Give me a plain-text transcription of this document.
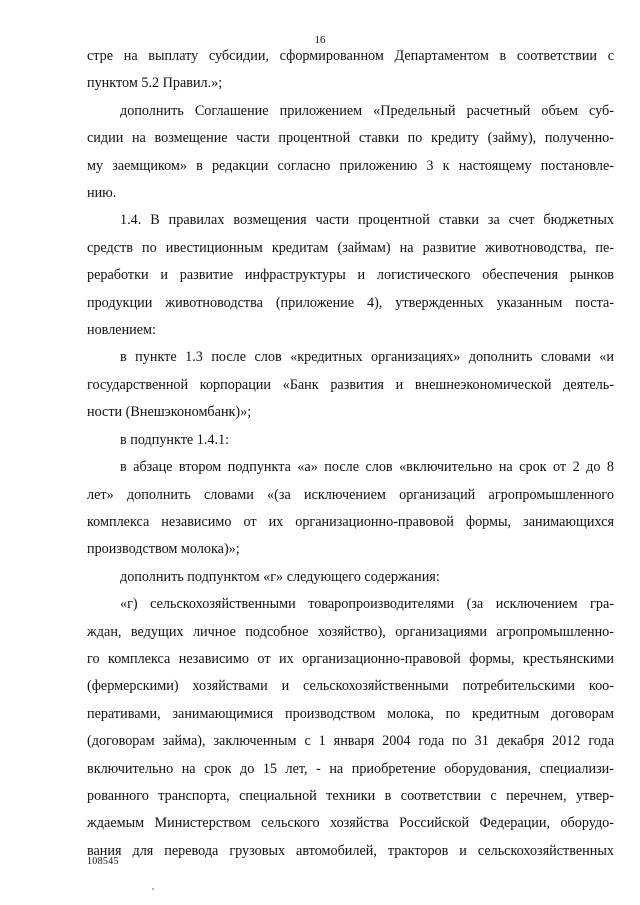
16
стре на выплату субсидии, сформированном Департаментом в соответствии с
пунктом 5.2 Правил.»;
дополнить Соглашение приложением «Предельный расчетный объем суб-
сидии на возмещение части процентной ставки по кредиту (займу), полученно-
му заемщиком» в редакции согласно приложению 3 к настоящему постановле-
нию.
1.4. В правилах возмещения части процентной ставки за счет бюджетных
средств по ивестиционным кредитам (займам) на развитие животноводства, пе-
реработки и развитие инфраструктуры и логистического обеспечения рынков
продукции животноводства (приложение 4), утвержденных указанным поста-
новлением:
в пункте 1.3 после слов «кредитных организациях» дополнить словами «и
государственной корпорации «Банк развития и внешнеэкономической деятель-
ности (Внешэкономбанк)»;
в подпункте 1.4.1:
в абзаце втором подпункта «а» после слов «включительно на срок от 2 до 8
лет» дополнить словами «(за исключением организаций агропромышленного
комплекса независимо от их организационно-правовой формы, занимающихся
производством молока)»;
дополнить подпунктом «г» следующего содержания:
«г) сельскохозяйственными товаропроизводителями (за исключением гра-
ждан, ведущих личное подсобное хозяйство), организациями агропромышленно-
го комплекса независимо от их организационно-правовой формы, крестьянскими
(фермерскими) хозяйствами и сельскохозяйственными потребительскими коо-
перативами, занимающимися производством молока, по кредитным договорам
(договорам займа), заключенным с 1 января 2004 года по 31 декабря 2012 года
включительно на срок до 15 лет, - на приобретение оборудования, специализи-
рованного транспорта, специальной техники в соответствии с перечнем, утвер-
ждаемым Министерством сельского хозяйства Российской Федерации, оборудо-
вания для перевода грузовых автомобилей, тракторов и сельскохозяйственных
108545
